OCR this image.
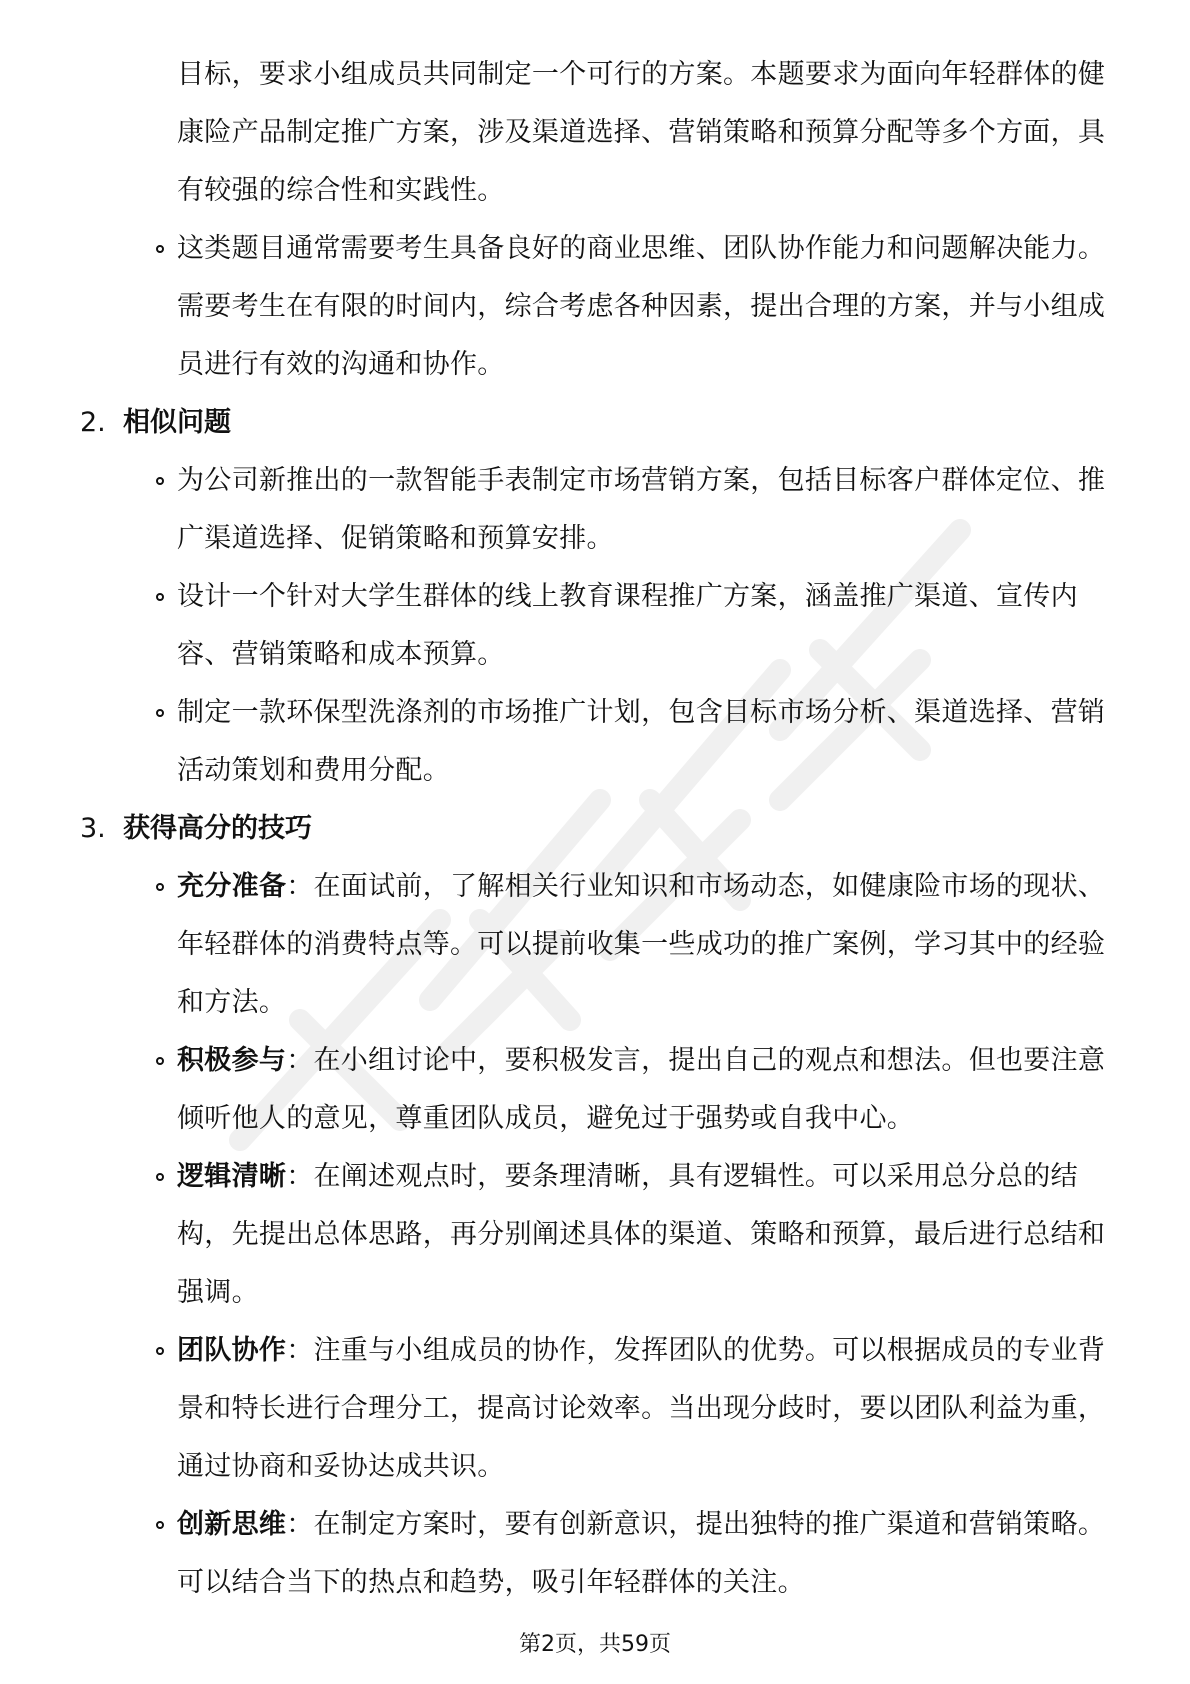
目标，要求小组成员共同制定一个可行的方案。本题要求为面向年轻群体的健康险产品制定推广方案，涉及渠道选择、营销策略和预算分配等多个方面，具有较强的综合性和实践性。
这类题目通常需要考生具备良好的商业思维、团队协作能力和问题解决能力。需要考生在有限的时间内，综合考虑各种因素，提出合理的方案，并与小组成员进行有效的沟通和协作。
2. 相似问题
为公司新推出的一款智能手表制定市场营销方案，包括目标客户群体定位、推广渠道选择、促销策略和预算安排。
设计一个针对大学生群体的线上教育课程推广方案，涵盖推广渠道、宣传内容、营销策略和成本预算。
制定一款环保型洗涤剂的市场推广计划，包含目标市场分析、渠道选择、营销活动策划和费用分配。
3. 获得高分的技巧
充分准备：在面试前，了解相关行业知识和市场动态，如健康险市场的现状、年轻群体的消费特点等。可以提前收集一些成功的推广案例，学习其中的经验和方法。
积极参与：在小组讨论中，要积极发言，提出自己的观点和想法。但也要注意倾听他人的意见，尊重团队成员，避免过于强势或自我中心。
逻辑清晰：在阐述观点时，要条理清晰，具有逻辑性。可以采用总分总的结构，先提出总体思路，再分别阐述具体的渠道、策略和预算，最后进行总结和强调。
团队协作：注重与小组成员的协作，发挥团队的优势。可以根据成员的专业背景和特长进行合理分工，提高讨论效率。当出现分歧时，要以团队利益为重，通过协商和妥协达成共识。
创新思维：在制定方案时，要有创新意识，提出独特的推广渠道和营销策略。可以结合当下的热点和趋势，吸引年轻群体的关注。
第2页，共59页
